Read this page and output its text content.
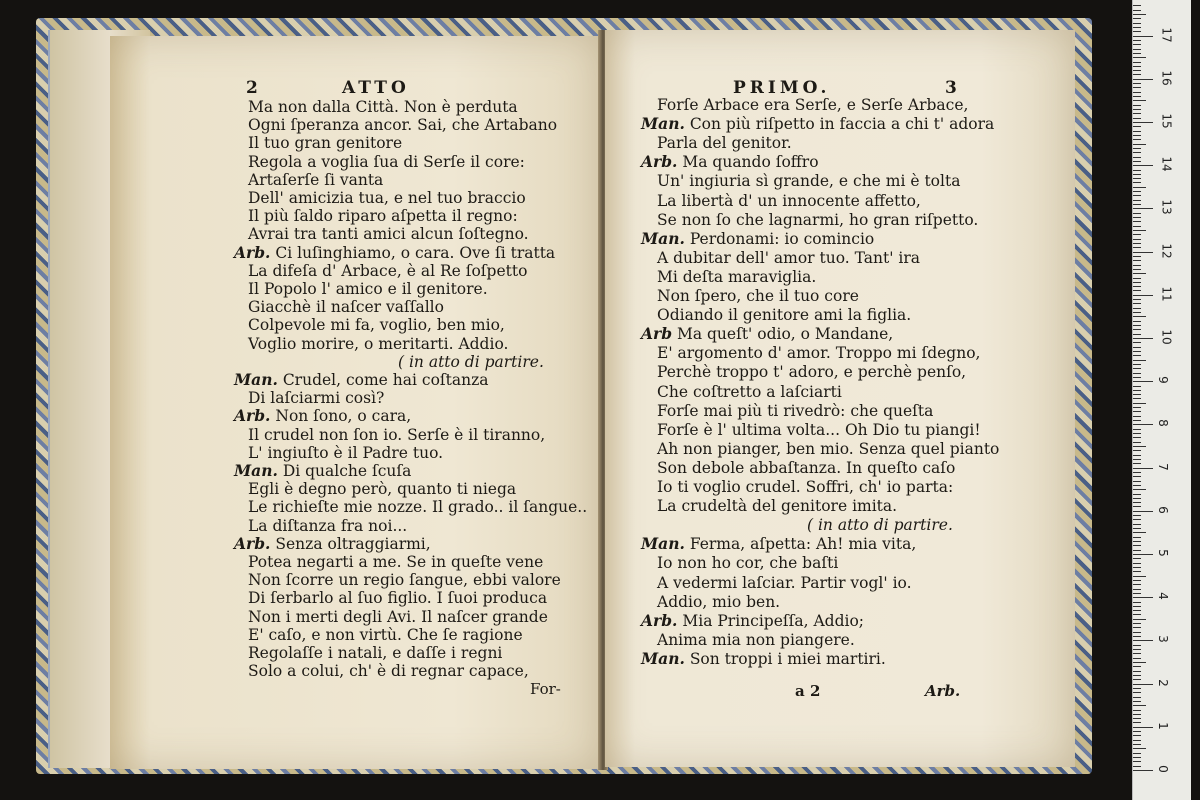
2	ATTO
Ma non dalla Città. Non è perduta
Ogni ſperanza ancor. Sai, che Artabano
Il tuo gran genitore
Regola a voglia ſua di Serſe il core:
Artaſerſe ſi vanta
Dell' amicizia tua, e nel tuo braccio
Il più ſaldo riparo aſpetta il regno:
Avrai tra tanti amici alcun ſoſtegno.
Arb. Ci luſinghiamo, o cara. Ove ſi tratta
La difeſa d' Arbace, è al Re ſoſpetto
Il Popolo l' amico e il genitore.
Giacchè il naſcer vaſſallo
Colpevole mi fa, voglio, ben mio,
Voglio morire, o meritarti. Addio.
( in atto di partire.
Man. Crudel, come hai coſtanza
Di laſciarmi così?
Arb. Non ſono, o cara,
Il crudel non ſon io. Serſe è il tiranno,
L' ingiuſto è il Padre tuo.
Man. Di qualche ſcuſa
Egli è degno però, quanto ti niega
Le richieſte mie nozze. Il grado.. il ſangue..
La diſtanza fra noi...
Arb. Senza oltraggiarmi,
Potea negarti a me. Se in queſte vene
Non ſcorre un regio ſangue, ebbi valore
Di ſerbarlo al ſuo figlio. I ſuoi produca
Non i merti degli Avi. Il naſcer grande
E' caſo, e non virtù. Che ſe ragione
Regolaſſe i natali, e daſſe i regni
Solo a colui, ch' è di regnar capace,
For-
PRIMO.	3
Forſe Arbace era Serſe, e Serſe Arbace,
Man. Con più riſpetto in faccia a chi t' adora
Parla del genitor.
Arb. Ma quando ſoffro
Un' ingiuria sì grande, e che mi è tolta
La libertà d' un innocente affetto,
Se non ſo che lagnarmi, ho gran riſpetto.
Man. Perdonami: io comincio
A dubitar dell' amor tuo. Tant' ira
Mi deſta maraviglia.
Non ſpero, che il tuo core
Odiando il genitore ami la figlia.
Arb Ma queſt' odio, o Mandane,
E' argomento d' amor. Troppo mi ſdegno,
Perchè troppo t' adoro, e perchè penſo,
Che coſtretto a laſciarti
Forſe mai più ti rivedrò: che queſta
Forſe è l' ultima volta... Oh Dio tu piangi!
Ah non pianger, ben mio. Senza quel pianto
Son debole abbaſtanza. In queſto caſo
Io ti voglio crudel. Soffri, ch' io parta:
La crudeltà del genitore imita.
( in atto di partire.
Man. Ferma, aſpetta: Ah! mia vita,
Io non ho cor, che baſti
A vedermi laſciar. Partir vogl' io.
Addio, mio ben.
Arb. Mia Principeſſa, Addio;
Anima mia non piangere.
Man. Son troppi i miei martiri.
a 2	Arb.
0
1
2
3
4
5
6
7
8
9
10
11
12
13
14
15
16
17
